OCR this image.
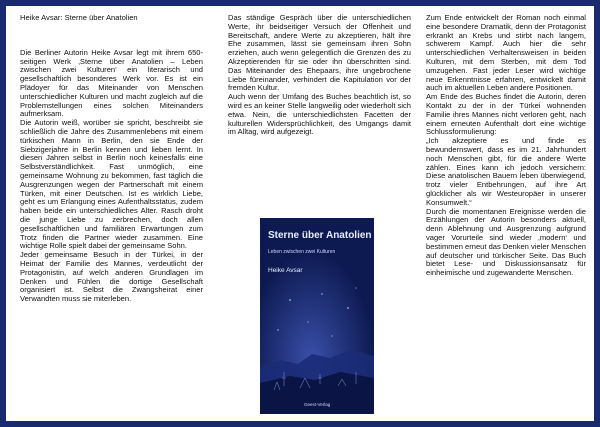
Heike Avsar: Sterne über Anatolien

Die Berliner Autorin Heike Avsar legt mit ihrem 650-seitigen Werk ‚Sterne über Anatolien – Leben zwischen zwei Kulturen‘ ein literarisch und gesellschaftlich besonderes Werk vor. Es ist ein Plädoyer für das Miteinander von Menschen unterschiedlicher Kulturen und macht zugleich auf die Problemstellungen eines solchen Miteinanders aufmerksam.

Die Autorin weiß, worüber sie spricht, beschreibt sie schließlich die Jahre des Zusammenlebens mit einem türkischen Mann in Berlin, den sie Ende der Siebzigerjahre in Berlin kennen und lieben lernt. In diesen Jahren selbst in Berlin noch keinesfalls eine Selbstverständlichkeit. Fast unmöglich, eine gemeinsame Wohnung zu bekommen, fast täglich die Ausgrenzungen wegen der Partnerschaft mit einem Türken, mit einer Deutschen. Ist es wirklich Liebe, geht es um Erlangung eines Aufenthaltsstatus, zudem haben beide ein unterschiedliches Alter. Rasch droht die junge Liebe zu zerbrechen, doch allen gesellschaftlichen und familiären Erwartungen zum Trotz finden die Partner wieder zusammen. Eine wichtige Rolle spielt dabei der gemeinsame Sohn.

Jeder gemeinsame Besuch in der Türkei, in der Heimat der Familie des Mannes, verdeutlicht der Protagonistin, auf welch anderen Grundlagen im Denken und Fühlen die dortige Gesellschaft organisiert ist. Selbst die Zwangsheirat einer Verwandten muss sie miterleben.

Das ständige Gespräch über die unterschiedlichen Werte, ihr beidseitiger Versuch der Offenheit und Bereitschaft, andere Werte zu akzeptieren, hält ihre Ehe zusammen, lässt sie gemeinsam ihren Sohn erziehen, auch wenn gelegentlich die Grenzen des zu Akzeptierenden für sie oder ihn überschritten sind. Das Miteinander des Ehepaars, ihre ungebrochene Liebe füreinander, verhindert die Kapitulation vor der fremden Kultur.

Auch wenn der Umfang des Buches beachtlich ist, so wird es an keiner Stelle langweilig oder wiederholt sich etwa. Nein, die unterschiedlichsten Facetten der kulturellen Widersprüchlichkeit, des Umgangs damit im Alltag, wird aufgezeigt.

Sterne über Anatolien
Leben zwischen zwei Kulturen
Heike Avsar
Geest-Verlag

Zum Ende entwickelt der Roman noch einmal eine besondere Dramatik, denn der Protagonist erkrankt an Krebs und stirbt nach langem, schwerem Kampf. Auch hier die sehr unterschiedlichen Verhaltensweisen in beiden Kulturen, mit dem Sterben, mit dem Tod umzugehen. Fast jeder Leser wird wichtige neue Erkenntnisse erfahren, entwickelt damit auch im aktuellen Leben andere Positionen.

Am Ende des Buches findet die Autorin, deren Kontakt zu der in der Türkei wohnenden Familie ihres Mannes nicht verloren geht, nach einem erneuten Aufenthalt dort eine wichtige Schlussformulierung:

„Ich akzeptiere es und finde es bewundernswert, dass es im 21. Jahrhundert noch Menschen gibt, für die andere Werte zählen. Eines kann ich jedoch versichern: Diese anatolischen Bauern leben überwiegend, trotz vieler Entbehrungen, auf ihre Art glücklicher als wir Westeuropäer in unserer Konsumwelt.“

Durch die momentanen Ereignisse werden die Erzählungen der Autorin besonders aktuell, denn Ablehnung und Ausgrenzung aufgrund vager Vorurteile sind wieder ‚modern‘ und bestimmen erneut das Denken vieler Menschen auf deutscher und türkischer Seite. Das Buch bietet Lese- und Diskussionsansatz für einheimische und zugewanderte Menschen.
